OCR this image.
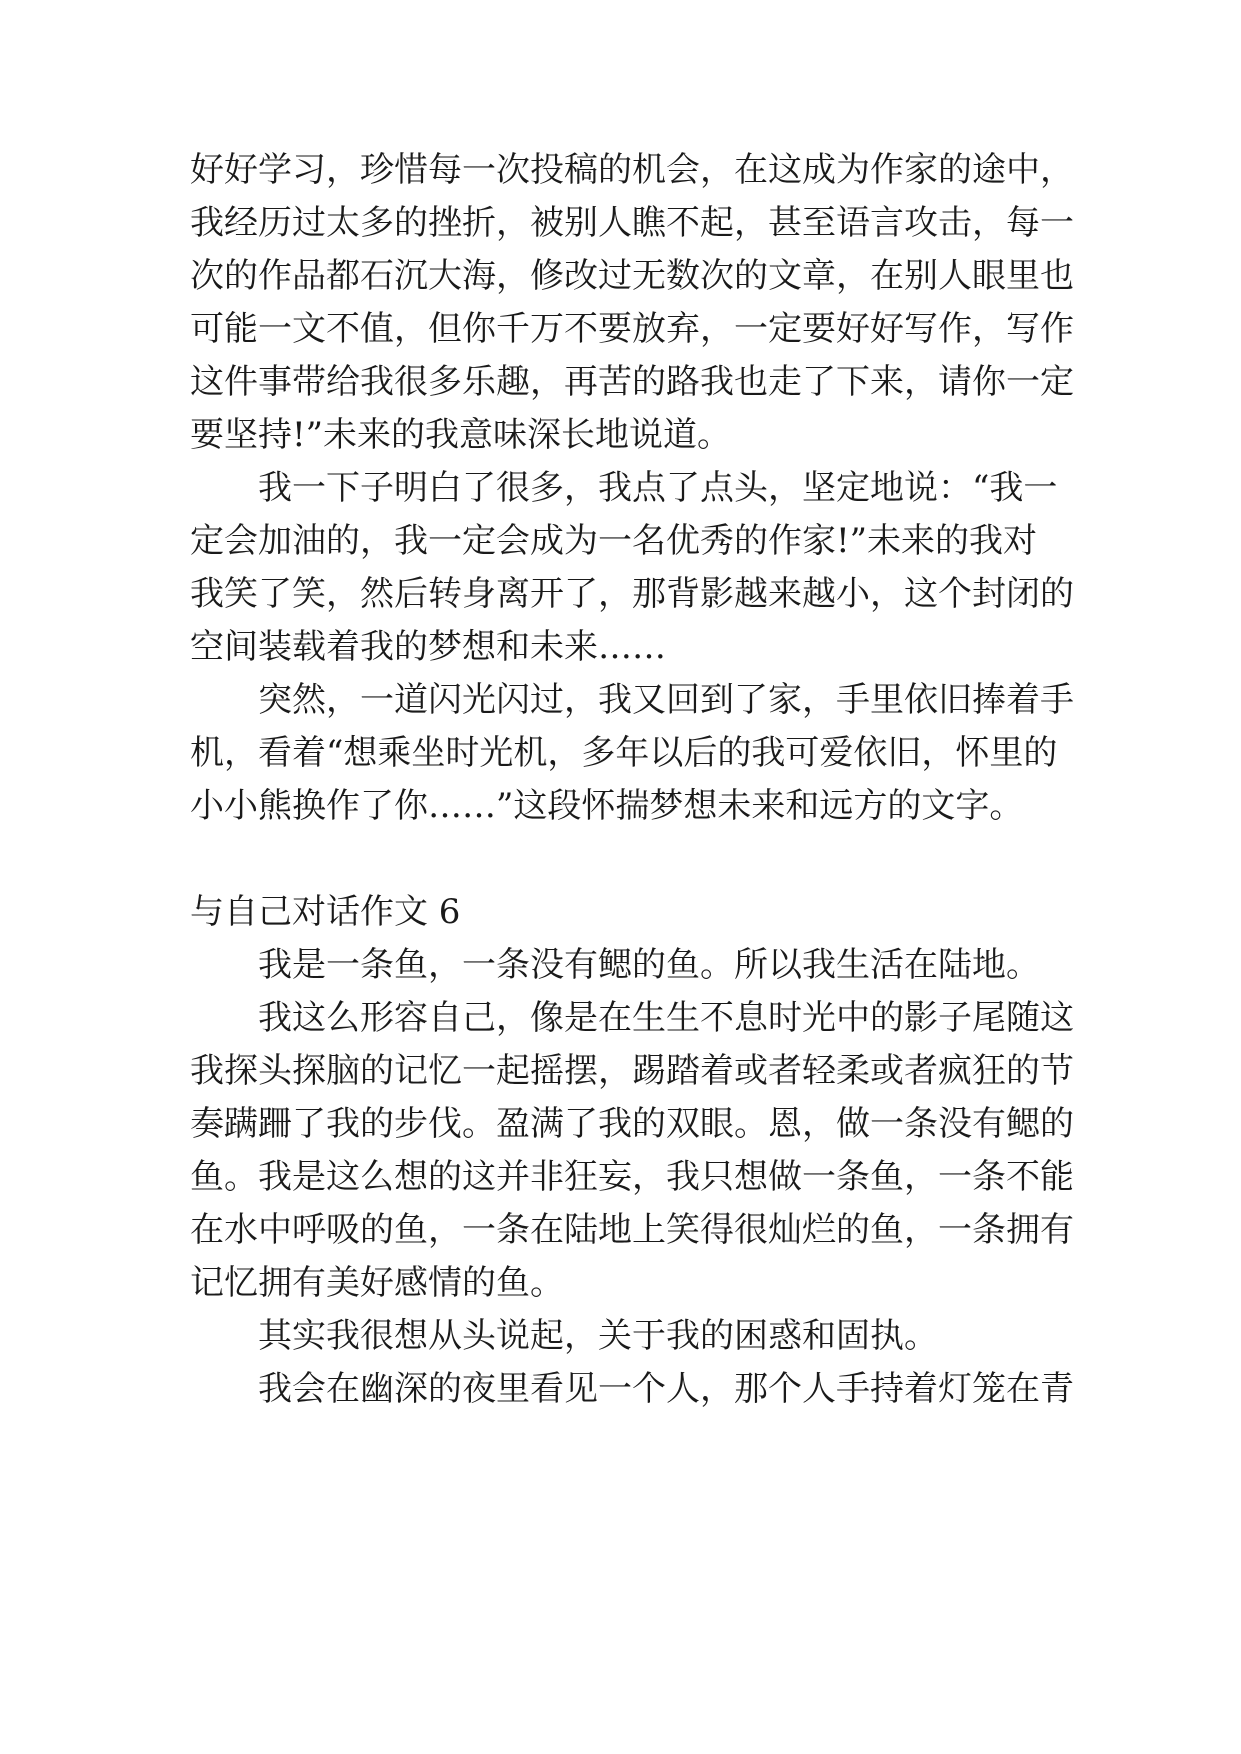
好好学习，珍惜每一次投稿的机会，在这成为作家的途中，
我经历过太多的挫折，被别人瞧不起，甚至语言攻击，每一
次的作品都石沉大海，修改过无数次的文章，在别人眼里也
可能一文不值，但你千万不要放弃，一定要好好写作，写作
这件事带给我很多乐趣，再苦的路我也走了下来，请你一定
要坚持!”未来的我意味深长地说道。
我一下子明白了很多，我点了点头，坚定地说：“我一
定会加油的，我一定会成为一名优秀的作家!”未来的我对
我笑了笑，然后转身离开了，那背影越来越小，这个封闭的
空间装载着我的梦想和未来……
突然，一道闪光闪过，我又回到了家，手里依旧捧着手
机，看着“想乘坐时光机，多年以后的我可爱依旧，怀里的
小小熊换作了你……”这段怀揣梦想未来和远方的文字。
与自己对话作文 6
我是一条鱼，一条没有鳃的鱼。所以我生活在陆地。
我这么形容自己，像是在生生不息时光中的影子尾随这
我探头探脑的记忆一起摇摆，踢踏着或者轻柔或者疯狂的节
奏蹒跚了我的步伐。盈满了我的双眼。恩，做一条没有鳃的
鱼。我是这么想的这并非狂妄，我只想做一条鱼，一条不能
在水中呼吸的鱼，一条在陆地上笑得很灿烂的鱼，一条拥有
记忆拥有美好感情的鱼。
其实我很想从头说起，关于我的困惑和固执。
我会在幽深的夜里看见一个人，那个人手持着灯笼在青
